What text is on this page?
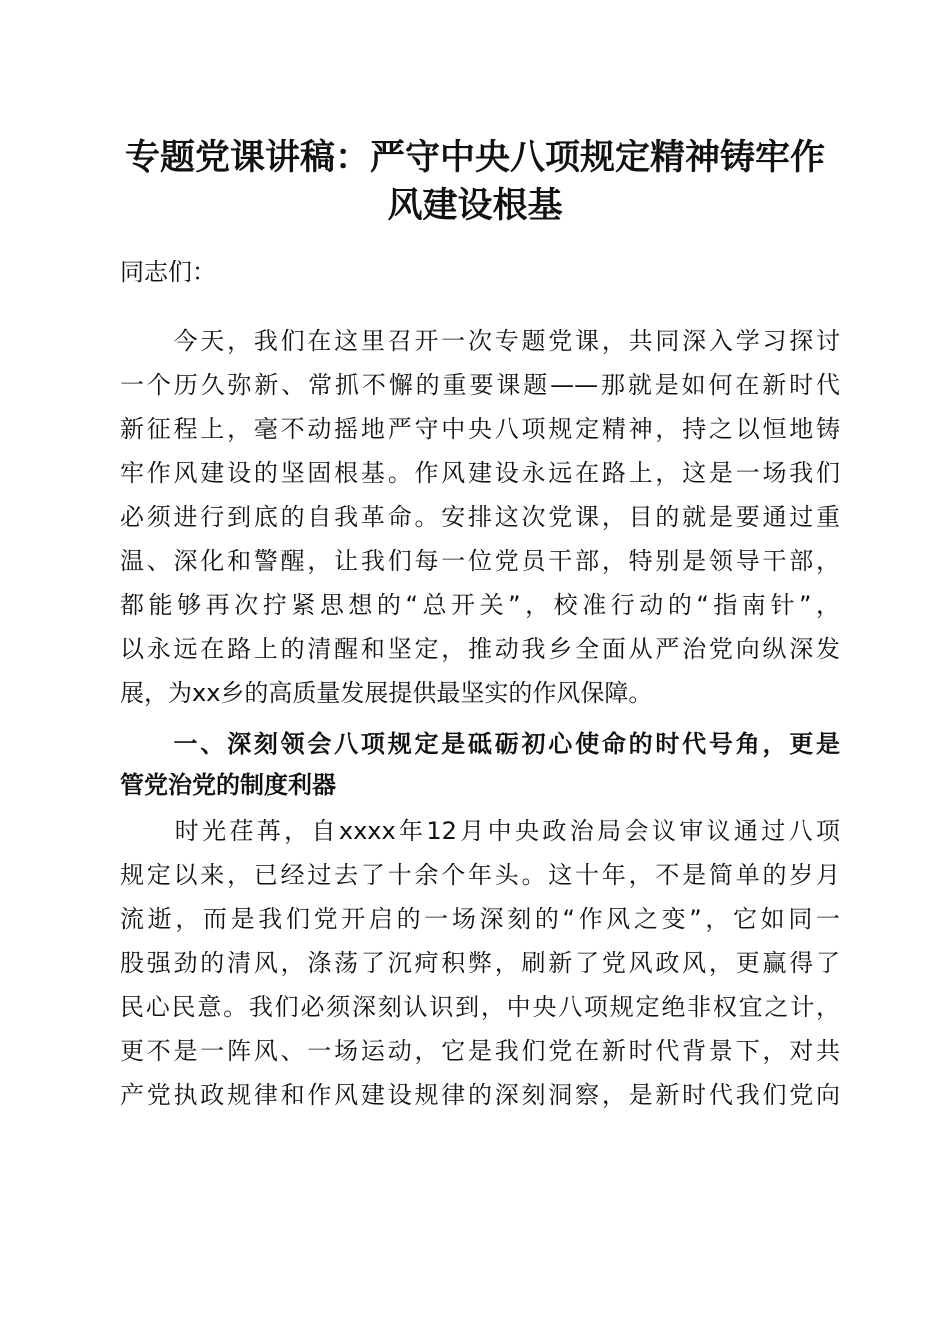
专题党课讲稿：严守中央八项规定精神铸牢作
风建设根基

同志们：

　　今天，我们在这里召开一次专题党课，共同深入学习探讨

一个历久弥新、常抓不懈的重要课题——那就是如何在新时代

新征程上，毫不动摇地严守中央八项规定精神，持之以恒地铸

牢作风建设的坚固根基。作风建设永远在路上，这是一场我们

必须进行到底的自我革命。安排这次党课，目的就是要通过重

温、深化和警醒，让我们每一位党员干部，特别是领导干部，

都能够再次拧紧思想的“总开关”，校准行动的“指南针”，

以永远在路上的清醒和坚定，推动我乡全面从严治党向纵深发

展，为xx乡的高质量发展提供最坚实的作风保障。

　　一、深刻领会八项规定是砥砺初心使命的时代号角，更是

管党治党的制度利器

　　时光荏苒，自xxxx年12月中央政治局会议审议通过八项

规定以来，已经过去了十余个年头。这十年，不是简单的岁月

流逝，而是我们党开启的一场深刻的“作风之变”，它如同一

股强劲的清风，涤荡了沉疴积弊，刷新了党风政风，更赢得了

民心民意。我们必须深刻认识到，中央八项规定绝非权宜之计，

更不是一阵风、一场运动，它是我们党在新时代背景下，对共

产党执政规律和作风建设规律的深刻洞察，是新时代我们党向
